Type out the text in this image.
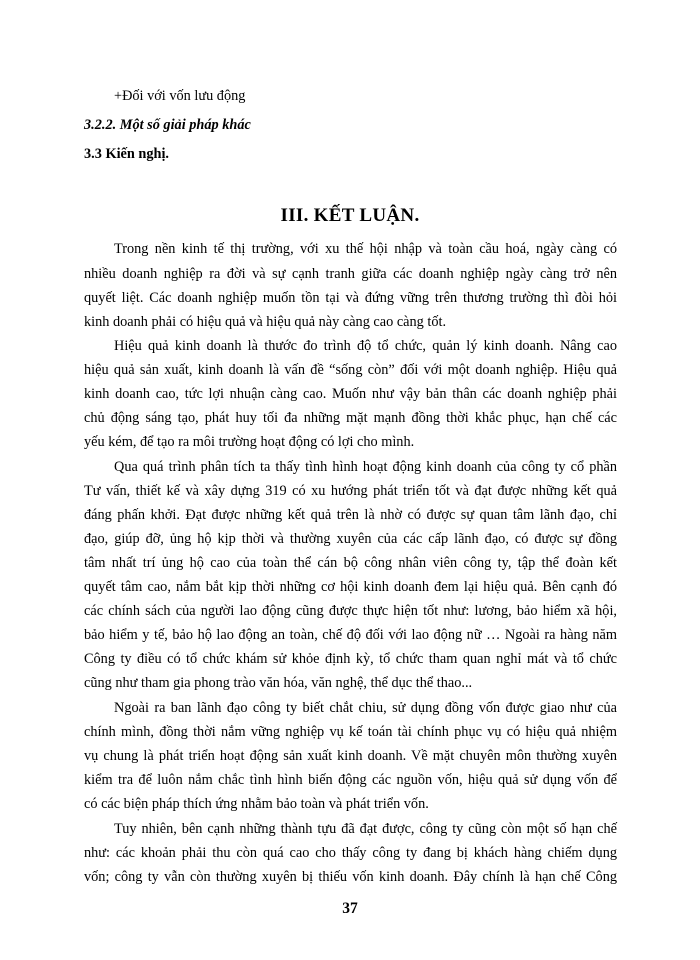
+Đối với vốn lưu động
3.2.2. Một số giải pháp khác
3.3 Kiến nghị.
III. KẾT LUẬN.
Trong nền kinh tế thị trường, với xu thế hội nhập và toàn cầu hoá, ngày càng có
nhiều doanh nghiệp ra đời và sự cạnh tranh giữa các doanh nghiệp ngày càng trở nên
quyết liệt. Các doanh nghiệp muốn tồn tại và đứng vững trên thương trường thì đòi hỏi
kinh doanh phải có hiệu quả và hiệu quả này càng cao càng tốt.
Hiệu quả kinh doanh là thước đo trình độ tổ chức, quản lý kinh doanh. Nâng cao
hiệu quả sản xuất, kinh doanh là vấn đề “sống còn” đối với một doanh nghiệp. Hiệu quả
kinh doanh cao, tức lợi nhuận càng cao. Muốn như vậy bản thân các doanh nghiệp phải
chủ động sáng tạo, phát huy tối đa những mặt mạnh đồng thời khắc phục, hạn chế các
yếu kém, để tạo ra môi trường hoạt động có lợi cho mình.
Qua quá trình phân tích ta thấy tình hình hoạt động kinh doanh của công ty cổ phần
Tư vấn, thiết kế và xây dựng 319 có xu hướng phát triển tốt và đạt được những kết quả
đáng phấn khởi. Đạt được những kết quả trên là nhờ có được sự quan tâm lãnh đạo, chỉ
đạo, giúp đỡ, ủng hộ kịp thời và thường xuyên của các cấp lãnh đạo, có được sự đồng
tâm nhất trí ủng hộ cao của toàn thể cán bộ công nhân viên công ty, tập thể đoàn kết
quyết tâm cao, nắm bắt kịp thời những cơ hội kinh doanh đem lại hiệu quả. Bên cạnh đó
các chính sách của người lao động cũng được thực hiện tốt như: lương, bảo hiểm xã hội,
bảo hiểm y tế, bảo hộ lao động an toàn, chế độ đối với lao động nữ … Ngoài ra hàng năm
Công ty điều có tổ chức khám sử khỏe định kỳ, tổ chức tham quan nghỉ mát và tổ chức
cũng như tham gia phong trào văn hóa, văn nghệ, thể dục thể thao...
Ngoài ra ban lãnh đạo công ty biết chắt chiu, sử dụng đồng vốn được giao như của
chính mình, đồng thời nắm vững nghiệp vụ kế toán tài chính phục vụ có hiệu quả nhiệm
vụ chung là phát triển hoạt động sản xuất kinh doanh. Về mặt chuyên môn thường xuyên
kiểm tra để luôn nắm chắc tình hình biến động các nguồn vốn, hiệu quả sử dụng vốn để
có các biện pháp thích ứng nhằm bảo toàn và phát triển vốn.
Tuy nhiên, bên cạnh những thành tựu đã đạt được, công ty cũng còn một số hạn chế
như: các khoản phải thu còn quá cao cho thấy công ty đang bị khách hàng chiếm dụng
vốn; công ty vẫn còn thường xuyên bị thiếu vốn kinh doanh. Đây chính là hạn chế Công
37
